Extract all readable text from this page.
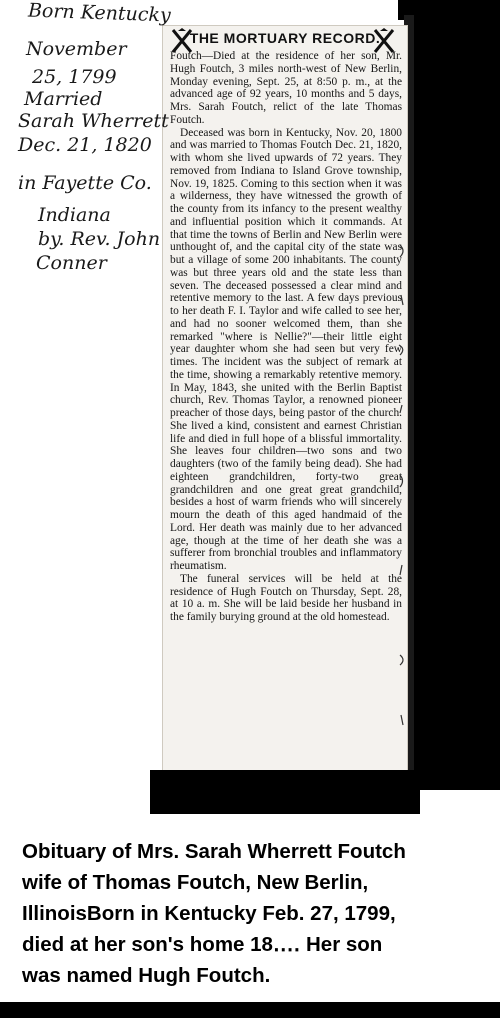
THE MORTUARY RECORD.

Foutch—Died at the residence of her son, Mr. Hugh Foutch, 3 miles north-west of New Berlin, Monday evening, Sept. 25, at 8:50 p. m., at the advanced age of 92 years, 10 months and 5 days, Mrs. Sarah Foutch, relict of the late Thomas Foutch.

Deceased was born in Kentucky, Nov. 20, 1800 and was married to Thomas Foutch Dec. 21, 1820, with whom she lived upwards of 72 years. They removed from Indiana to Island Grove township, Nov. 19, 1825. Coming to this section when it was a wilderness, they have witnessed the growth of the county from its infancy to the present wealthy and influential position which it commands. At that time the towns of Berlin and New Berlin were unthought of, and the capital city of the state was but a village of some 200 inhabitants. The county was but three years old and the state less than seven. The deceased possessed a clear mind and retentive memory to the last. A few days previous to her death F. I. Taylor and wife called to see her, and had no sooner welcomed them, than she remarked "where is Nellie?"—their little eight year daughter whom she had seen but very few times. The incident was the subject of remark at the time, showing a remarkably retentive memory. In May, 1843, she united with the Berlin Baptist church, Rev. Thomas Taylor, a renowned pioneer preacher of those days, being pastor of the church. She lived a kind, consistent and earnest Christian life and died in full hope of a blissful immortality. She leaves four children—two sons and two daughters (two of the family being dead). She had eighteen grandchildren, forty-two great grandchildren and one great great grandchild, besides a host of warm friends who will sincerely mourn the death of this aged handmaid of the Lord. Her death was mainly due to her advanced age, though at the time of her death she was a sufferer from bronchial troubles and inflammatory rheumatism.

The funeral services will be held at the residence of Hugh Foutch on Thursday, Sept. 28, at 10 a. m. She will be laid beside her husband in the family burying ground at the old homestead.

Born Kentucky
November
25, 1799
Married
Sarah Wherrett
Dec. 21, 1820
in Fayette Co.
Indiana
by. Rev. John
Conner
Obituary of Mrs. Sarah Wherrett Foutch
wife of Thomas Foutch, New Berlin,
IllinoisBorn in Kentucky Feb. 27, 1799,
died at her son's home 18‥‥ Her son
was named Hugh Foutch.
